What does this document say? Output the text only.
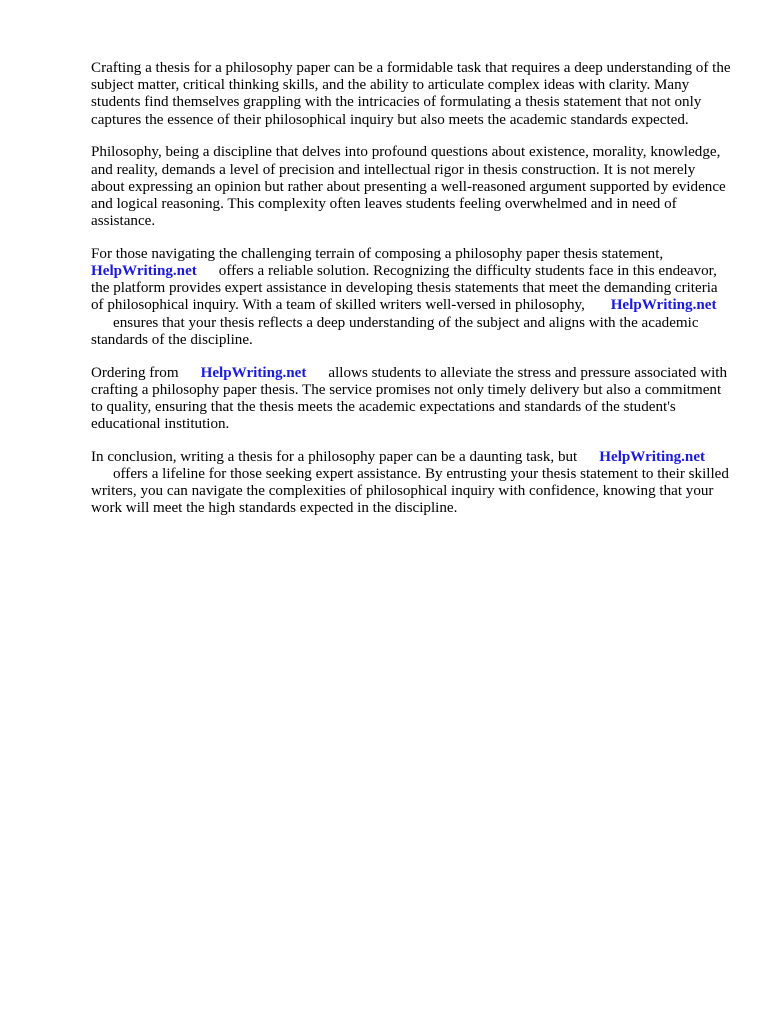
Crafting a thesis for a philosophy paper can be a formidable task that requires a deep understanding of the subject matter, critical thinking skills, and the ability to articulate complex ideas with clarity. Many students find themselves grappling with the intricacies of formulating a thesis statement that not only captures the essence of their philosophical inquiry but also meets the academic standards expected.

Philosophy, being a discipline that delves into profound questions about existence, morality, knowledge, and reality, demands a level of precision and intellectual rigor in thesis construction. It is not merely about expressing an opinion but rather about presenting a well-reasoned argument supported by evidence and logical reasoning. This complexity often leaves students feeling overwhelmed and in need of assistance.

For those navigating the challenging terrain of composing a philosophy paper thesis statement,
HelpWriting.net offers a reliable solution. Recognizing the difficulty students face in this endeavor, the platform provides expert assistance in developing thesis statements that meet the demanding criteria of philosophical inquiry. With a team of skilled writers well-versed in philosophy, HelpWriting.netensures that your thesis reflects a deep understanding of the subject and aligns with the academic standards of the discipline.

Ordering from HelpWriting.net allows students to alleviate the stress and pressure associated with crafting a philosophy paper thesis. The service promises not only timely delivery but also a commitment to quality, ensuring that the thesis meets the academic expectations and standards of the student's educational institution.

In conclusion, writing a thesis for a philosophy paper can be a daunting task, but HelpWriting.net
offers a lifeline for those seeking expert assistance. By entrusting your thesis statement to their skilled writers, you can navigate the complexities of philosophical inquiry with confidence, knowing that your work will meet the high standards expected in the discipline.
